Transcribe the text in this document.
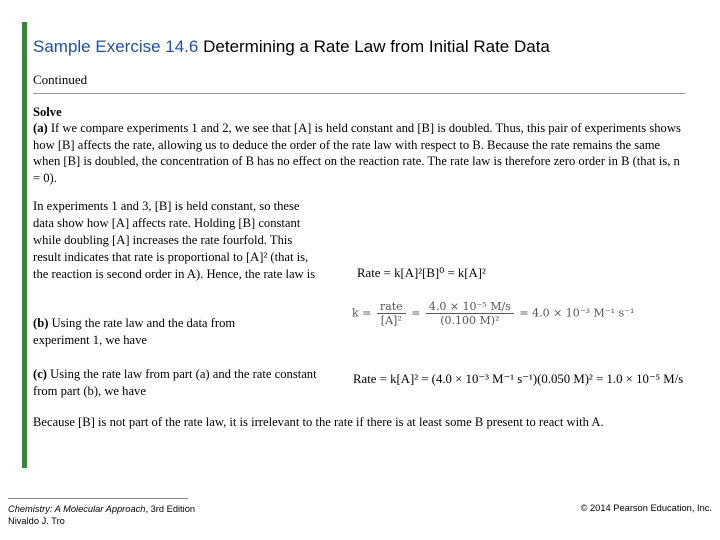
Sample Exercise 14.6 Determining a Rate Law from Initial Rate Data
Continued
Solve
(a) If we compare experiments 1 and 2, we see that [A] is held constant and [B] is doubled. Thus, this pair of experiments shows how [B] affects the rate, allowing us to deduce the order of the rate law with respect to B. Because the rate remains the same when [B] is doubled, the concentration of B has no effect on the reaction rate. The rate law is therefore zero order in B (that is, n = 0).
In experiments 1 and 3, [B] is held constant, so these data show how [A] affects rate. Holding [B] constant while doubling [A] increases the rate fourfold. This result indicates that rate is proportional to [A]² (that is, the reaction is second order in A). Hence, the rate law is	Rate = k[A]²[B]⁰ = k[A]²
(b) Using the rate law and the data from experiment 1, we have
$k = \frac{\text{rate}}{\text{[A]²}} = \frac{\text{4.0 × 10⁻⁵ M/s}}{\text{(0.100 M)²}} = 4.0 \times 10^{-3}$ M⁻¹ s⁻¹
(c) Using the rate law from part (a) and the rate constant from part (b), we have
Rate = k[A]² = (4.0 × 10⁻³ M⁻¹ s⁻¹)(0.050 M)² = 1.0 × 10⁻⁵ M/s
Because [B] is not part of the rate law, it is irrelevant to the rate if there is at least some B present to react with A.
Chemistry: A Molecular Approach, 3rd Edition
Nivaldo J. Tro
© 2014 Pearson Education, Inc.
